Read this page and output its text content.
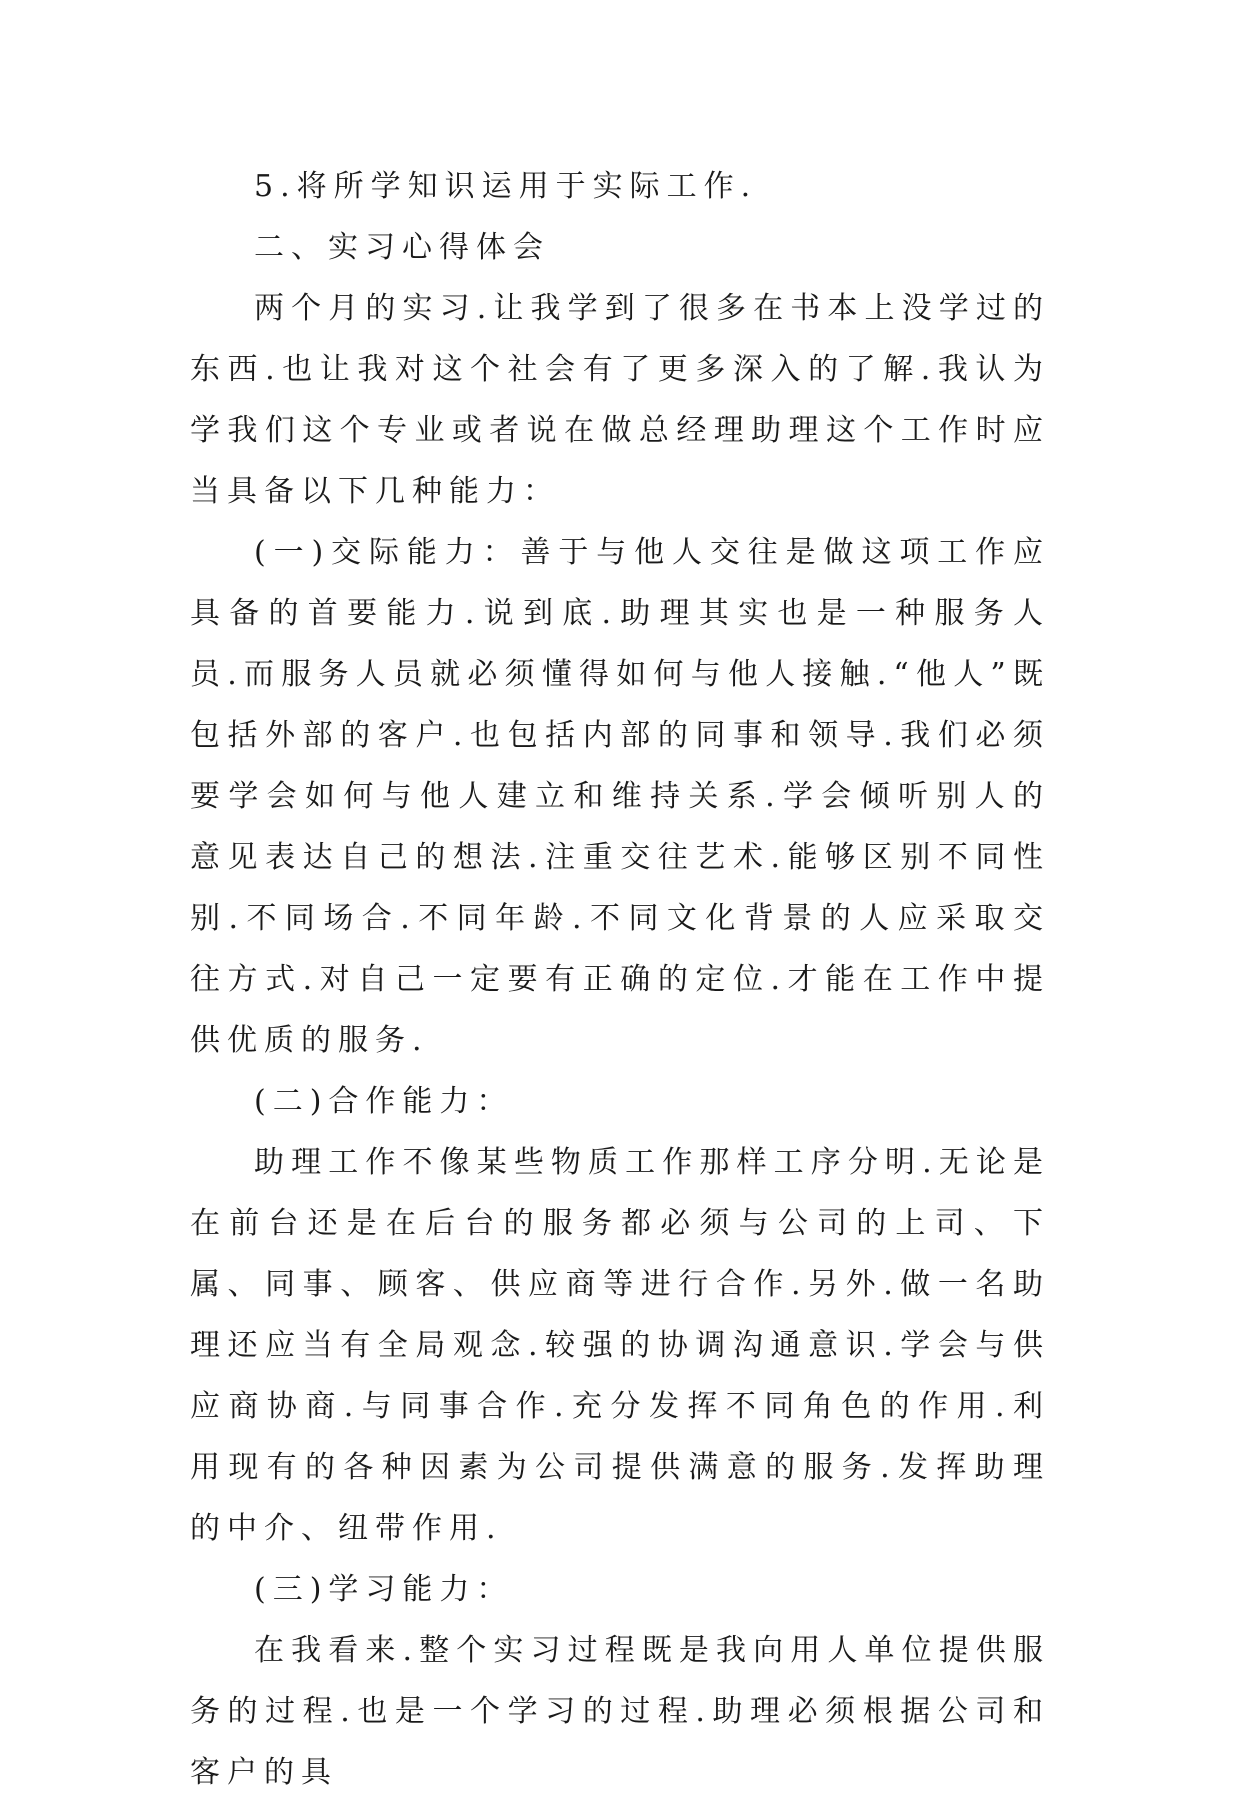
5.将所学知识运用于实际工作.

二、实习心得体会

两个月的实习.让我学到了很多在书本上没学过的东西.也让我对这个社会有了更多深入的了解.我认为学我们这个专业或者说在做总经理助理这个工作时应当具备以下几种能力：

(一)交际能力：善于与他人交往是做这项工作应具备的首要能力.说到底.助理其实也是一种服务人员.而服务人员就必须懂得如何与他人接触.“他人”既包括外部的客户.也包括内部的同事和领导.我们必须要学会如何与他人建立和维持关系.学会倾听别人的意见表达自己的想法.注重交往艺术.能够区别不同性别.不同场合.不同年龄.不同文化背景的人应采取交往方式.对自己一定要有正确的定位.才能在工作中提供优质的服务.

(二)合作能力：

助理工作不像某些物质工作那样工序分明.无论是在前台还是在后台的服务都必须与公司的上司、下属、同事、顾客、供应商等进行合作.另外.做一名助理还应当有全局观念.较强的协调沟通意识.学会与供应商协商.与同事合作.充分发挥不同角色的作用.利用现有的各种因素为公司提供满意的服务.发挥助理的中介、纽带作用.

(三)学习能力：

在我看来.整个实习过程既是我向用人单位提供服务的过程.也是一个学习的过程.助理必须根据公司和客户的具
